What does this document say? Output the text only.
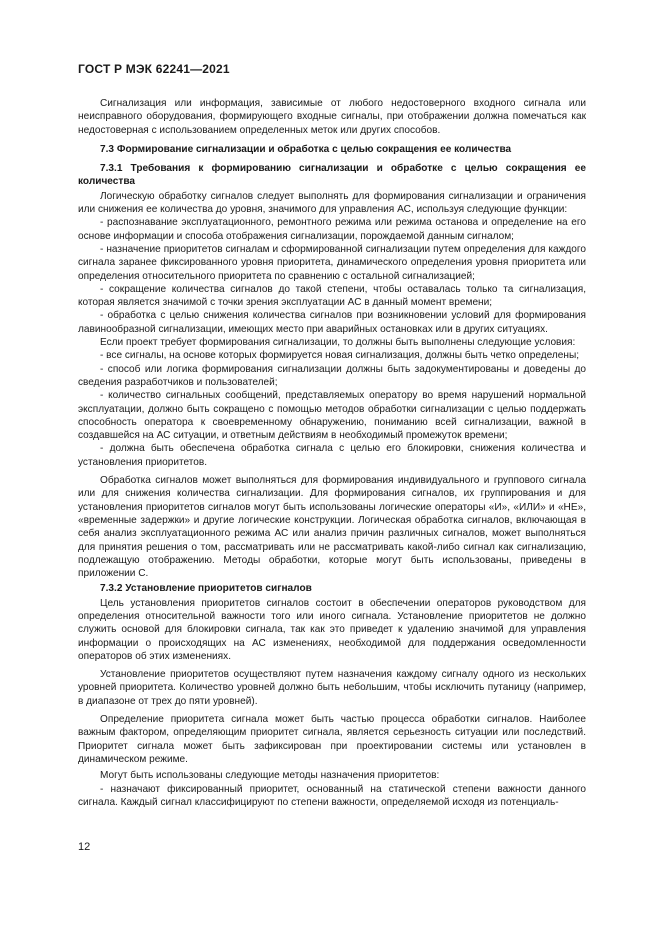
ГОСТ Р МЭК 62241—2021

Сигнализация или информация, зависимые от любого недостоверного входного сигнала или неисправного оборудования, формирующего входные сигналы, при отображении должна помечаться как недостоверная с использованием определенных меток или других способов.

7.3 Формирование сигнализации и обработка с целью сокращения ее количества
7.3.1 Требования к формированию сигнализации и обработке с целью сокращения ее количества

Логическую обработку сигналов следует выполнять для формирования сигнализации и ограничения или снижения ее количества до уровня, значимого для управления АС, используя следующие функции:

- распознавание эксплуатационного, ремонтного режима или режима останова и определение на его основе информации и способа отображения сигнализации, порождаемой данным сигналом;

- назначение приоритетов сигналам и сформированной сигнализации путем определения для каждого сигнала заранее фиксированного уровня приоритета, динамического определения уровня приоритета или определения относительного приоритета по сравнению с остальной сигнализацией;

- сокращение количества сигналов до такой степени, чтобы оставалась только та сигнализация, которая является значимой с точки зрения эксплуатации АС в данный момент времени;

- обработка с целью снижения количества сигналов при возникновении условий для формирования лавинообразной сигнализации, имеющих место при аварийных остановках или в других ситуациях.

Если проект требует формирования сигнализации, то должны быть выполнены следующие условия:

- все сигналы, на основе которых формируется новая сигнализация, должны быть четко определены;

- способ или логика формирования сигнализации должны быть задокументированы и доведены до сведения разработчиков и пользователей;

- количество сигнальных сообщений, представляемых оператору во время нарушений нормальной эксплуатации, должно быть сокращено с помощью методов обработки сигнализации с целью поддержать способность оператора к своевременному обнаружению, пониманию всей сигнализации, важной в создавшейся на АС ситуации, и ответным действиям в необходимый промежуток времени;

- должна быть обеспечена обработка сигнала с целью его блокировки, снижения количества и установления приоритетов.

Обработка сигналов может выполняться для формирования индивидуального и группового сигнала или для снижения количества сигнализации. Для формирования сигналов, их группирования и для установления приоритетов сигналов могут быть использованы логические операторы «И», «ИЛИ» и «НЕ», «временные задержки» и другие логические конструкции. Логическая обработка сигналов, включающая в себя анализ эксплуатационного режима АС или анализ причин различных сигналов, может выполняться для принятия решения о том, рассматривать или не рассматривать какой-либо сигнал как сигнализацию, подлежащую отображению. Методы обработки, которые могут быть использованы, приведены в приложении С.

7.3.2 Установление приоритетов сигналов

Цель установления приоритетов сигналов состоит в обеспечении операторов руководством для определения относительной важности того или иного сигнала. Установление приоритетов не должно служить основой для блокировки сигнала, так как это приведет к удалению значимой для управления информации о происходящих на АС изменениях, необходимой для поддержания осведомленности операторов об этих изменениях.

Установление приоритетов осуществляют путем назначения каждому сигналу одного из нескольких уровней приоритета. Количество уровней должно быть небольшим, чтобы исключить путаницу (например, в диапазоне от трех до пяти уровней).

Определение приоритета сигнала может быть частью процесса обработки сигналов. Наиболее важным фактором, определяющим приоритет сигнала, является серьезность ситуации или последствий. Приоритет сигнала может быть зафиксирован при проектировании системы или установлен в динамическом режиме.

Могут быть использованы следующие методы назначения приоритетов:

- назначают фиксированный приоритет, основанный на статической степени важности данного сигнала. Каждый сигнал классифицируют по степени важности, определяемой исходя из потенциаль-

12
